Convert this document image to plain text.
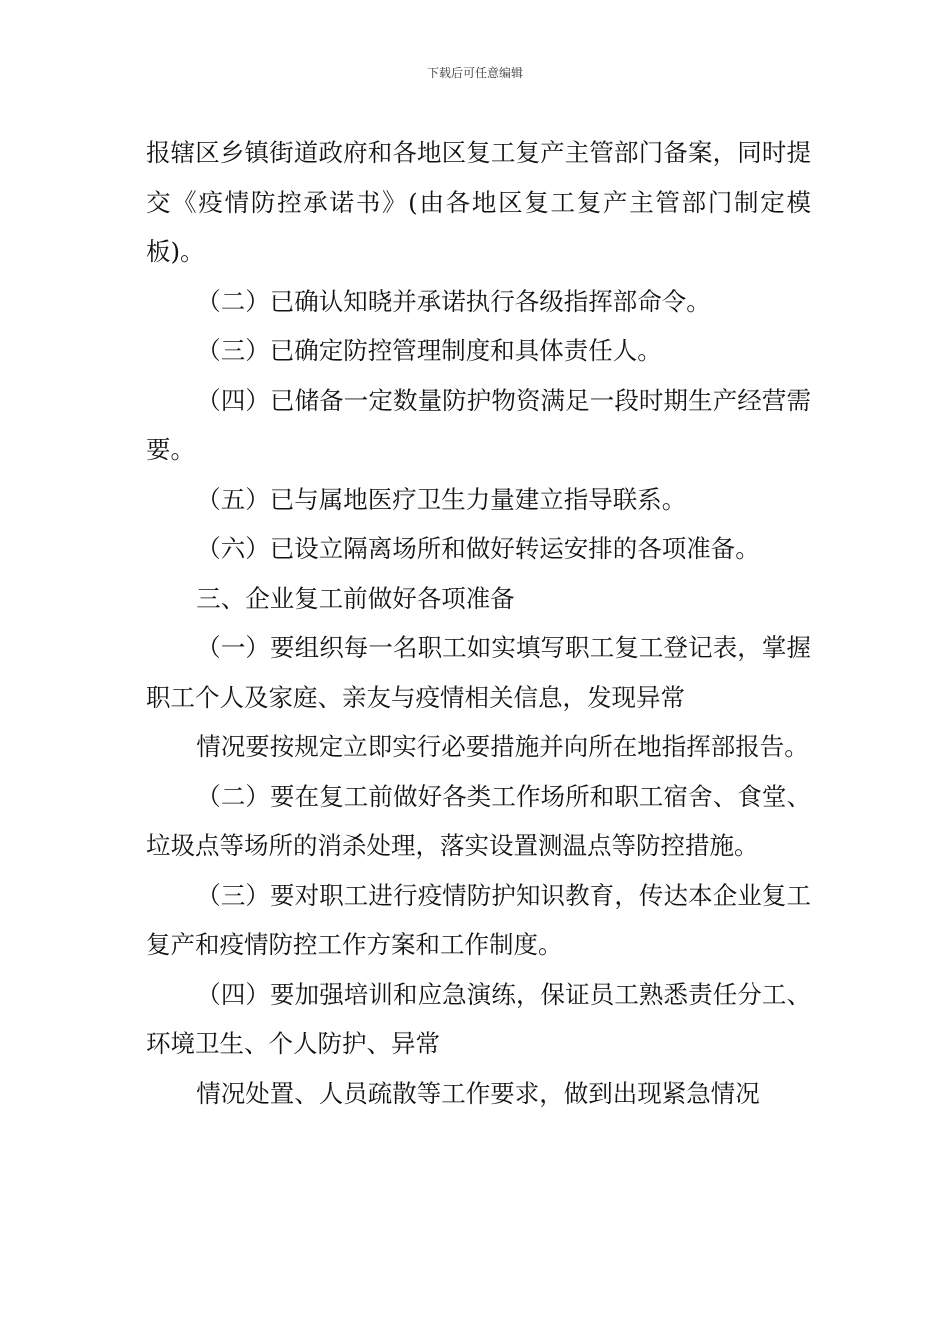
下载后可任意编辑

报辖区乡镇街道政府和各地区复工复产主管部门备案，同时提交《疫情防控承诺书》(由各地区复工复产主管部门制定模板)。

（二）已确认知晓并承诺执行各级指挥部命令。

（三）已确定防控管理制度和具体责任人。

（四）已储备一定数量防护物资满足一段时期生产经营需要。

（五）已与属地医疗卫生力量建立指导联系。

（六）已设立隔离场所和做好转运安排的各项准备。

三、企业复工前做好各项准备

（一）要组织每一名职工如实填写职工复工登记表，掌握职工个人及家庭、亲友与疫情相关信息，发现异常

情况要按规定立即实行必要措施并向所在地指挥部报告。

（二）要在复工前做好各类工作场所和职工宿舍、食堂、垃圾点等场所的消杀处理，落实设置测温点等防控措施。

（三）要对职工进行疫情防护知识教育，传达本企业复工复产和疫情防控工作方案和工作制度。

（四）要加强培训和应急演练，保证员工熟悉责任分工、环境卫生、个人防护、异常

情况处置、人员疏散等工作要求，做到出现紧急情况
